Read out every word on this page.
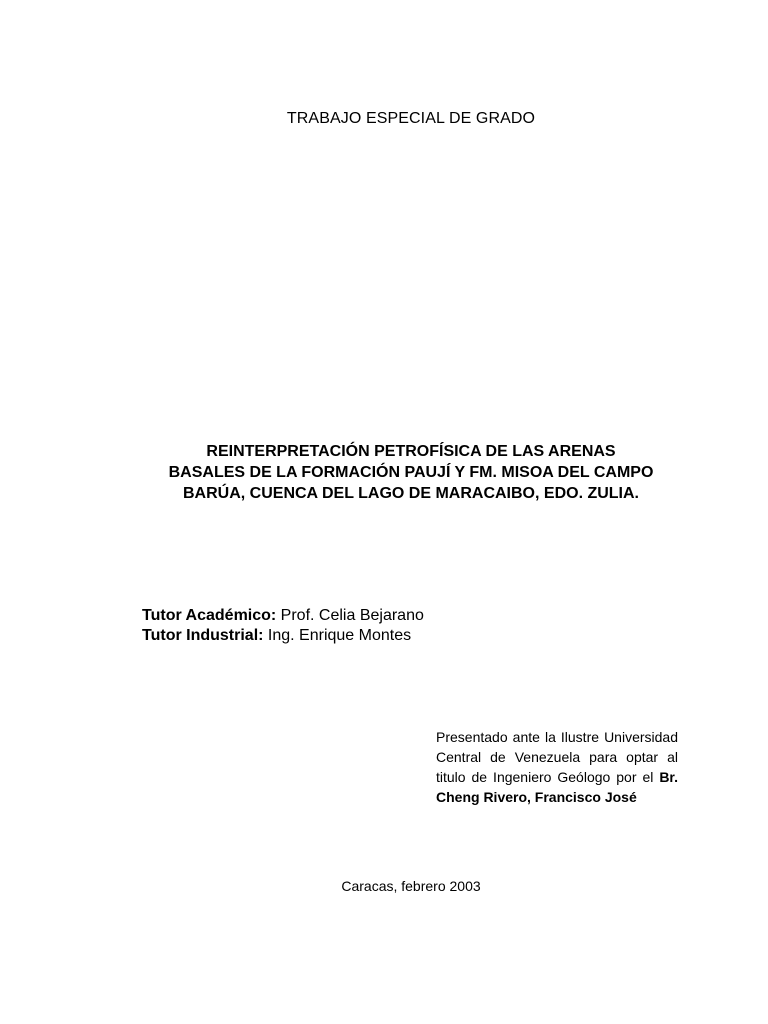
TRABAJO ESPECIAL DE GRADO
REINTERPRETACIÓN PETROFÍSICA DE LAS ARENAS
BASALES DE LA FORMACIÓN PAUJÍ Y FM. MISOA DEL CAMPO
BARÚA, CUENCA DEL LAGO DE MARACAIBO, EDO. ZULIA.
Tutor Académico: Prof. Celia Bejarano
Tutor Industrial: Ing. Enrique Montes
Presentado ante la Ilustre Universidad Central de Venezuela para optar al titulo de Ingeniero Geólogo por el Br. Cheng Rivero, Francisco José
Caracas, febrero 2003
